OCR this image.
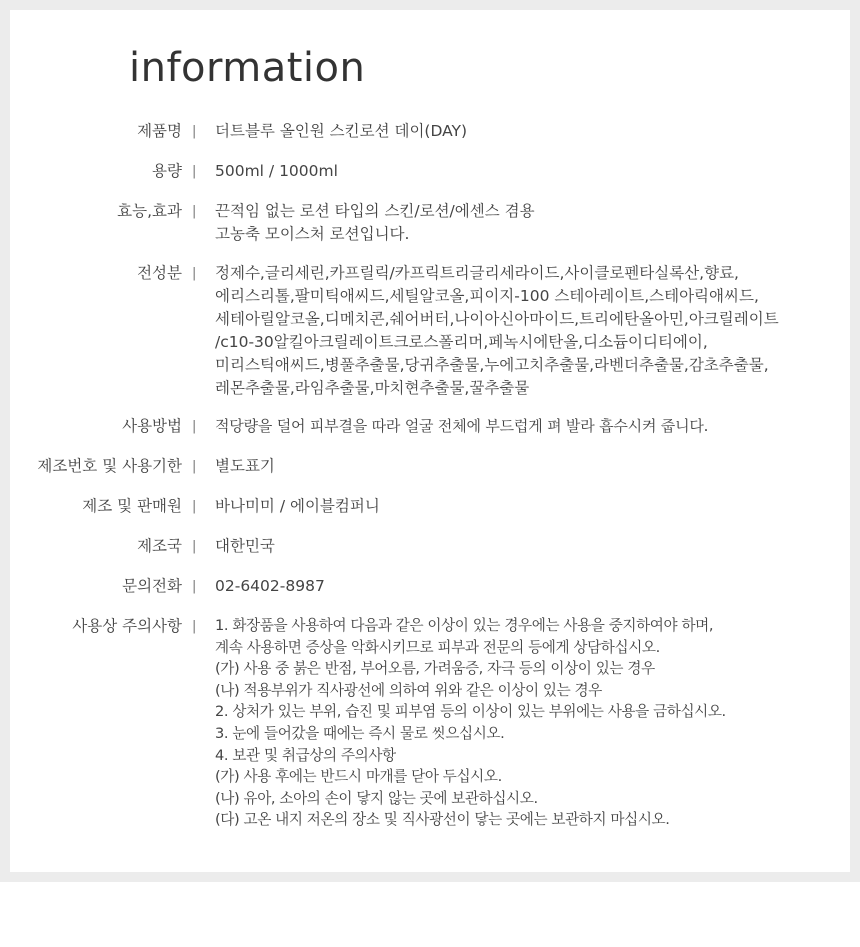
information
제품명 | 더트블루 올인원 스킨로션 데이(DAY)
용량 | 500ml / 1000ml
효능,효과 | 끈적임 없는 로션 타입의 스킨/로션/에센스 겸용
고농축 모이스처 로션입니다.
전성분 | 정제수,글리세린,카프릴릭/카프릭트리글리세라이드,사이클로펜타실록산,향료,
에리스리톨,팔미틱애씨드,세틸알코올,피이지-100 스테아레이트,스테아릭애씨드,
세테아릴알코올,디메치콘,쉐어버터,나이아신아마이드,트리에탄올아민,아크릴레이트
/c10-30알킬아크릴레이트크로스폴리머,페녹시에탄올,디소듐이디티에이,
미리스틱애씨드,병풀추출물,당귀추출물,누에고치추출물,라벤더추출물,감초추출물,
레몬추출물,라임추출물,마치현추출물,꿀추출물
사용방법 | 적당량을 덜어 피부결을 따라 얼굴 전체에 부드럽게 펴 발라 흡수시켜 줍니다.
제조번호 및 사용기한 | 별도표기
제조 및 판매원 | 바나미미 / 에이블컴퍼니
제조국 | 대한민국
문의전화 | 02-6402-8987
사용상 주의사항 | 1. 화장품을 사용하여 다음과 같은 이상이 있는 경우에는 사용을 중지하여야 하며,
계속 사용하면 증상을 악화시키므로 피부과 전문의 등에게 상담하십시오.
(가) 사용 중 붉은 반점, 부어오름, 가려움증, 자극 등의 이상이 있는 경우
(나) 적용부위가 직사광선에 의하여 위와 같은 이상이 있는 경우
2. 상처가 있는 부위, 습진 및 피부염 등의 이상이 있는 부위에는 사용을 금하십시오.
3. 눈에 들어갔을 때에는 즉시 물로 씻으십시오.
4. 보관 및 취급상의 주의사항
(가) 사용 후에는 반드시 마개를 닫아 두십시오.
(나) 유아, 소아의 손이 닿지 않는 곳에 보관하십시오.
(다) 고온 내지 저온의 장소 및 직사광선이 닿는 곳에는 보관하지 마십시오.
